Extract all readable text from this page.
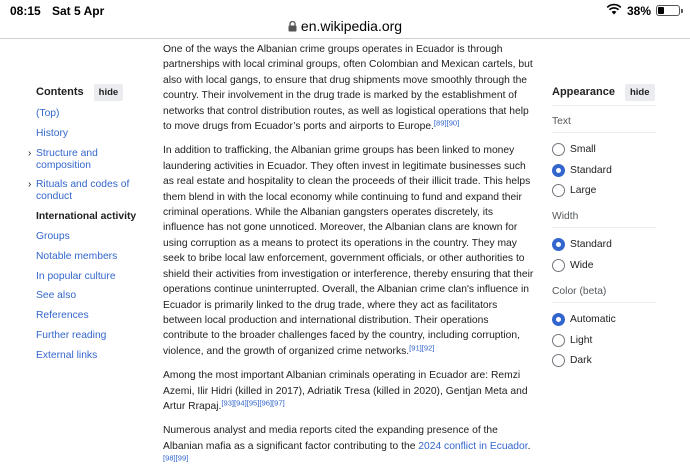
08:15 Sat 5 Apr	38%
en.wikipedia.org
Contents	hide
(Top)
History
› Structure and composition
› Rituals and codes of conduct
International activity
Groups
Notable members
In popular culture
See also
References
Further reading
External links

One of the ways the Albanian crime groups operates in Ecuador is through partnerships with local criminal groups, often Colombian and Mexican cartels, but also with local gangs, to ensure that drug shipments move smoothly through the country. Their involvement in the drug trade is marked by the establishment of networks that control distribution routes, as well as logistical operations that help to move drugs from Ecuador’s ports and airports to Europe.[89][90]

In addition to trafficking, the Albanian grime groups has been linked to money laundering activities in Ecuador. They often invest in legitimate businesses such as real estate and hospitality to clean the proceeds of their illicit trade. This helps them blend in with the local economy while continuing to fund and expand their criminal operations. While the Albanian gangsters operates discretely, its influence has not gone unnoticed. Moreover, the Albanian clans are known for using corruption as a means to protect its operations in the country. They may seek to bribe local law enforcement, government officials, or other authorities to shield their activities from investigation or interference, thereby ensuring that their operations continue uninterrupted. Overall, the Albanian crime clan's influence in Ecuador is primarily linked to the drug trade, where they act as facilitators between local production and international distribution. Their operations contribute to the broader challenges faced by the country, including corruption, violence, and the growth of organized crime networks.[91][92]

Among the most important Albanian criminals operating in Ecuador are: Remzi Azemi, Ilir Hidri (killed in 2017), Adriatik Tresa (killed in 2020), Gentjan Meta and Artur Rrapaj.[93][94][95][96][97]

Numerous analyst and media reports cited the expanding presence of the Albanian mafia as a significant factor contributing to the 2024 conflict in Ecuador.[98][99]

Appearance	hide
Text
Small
Standard
Large
Width
Standard
Wide
Color (beta)
Automatic
Light
Dark
